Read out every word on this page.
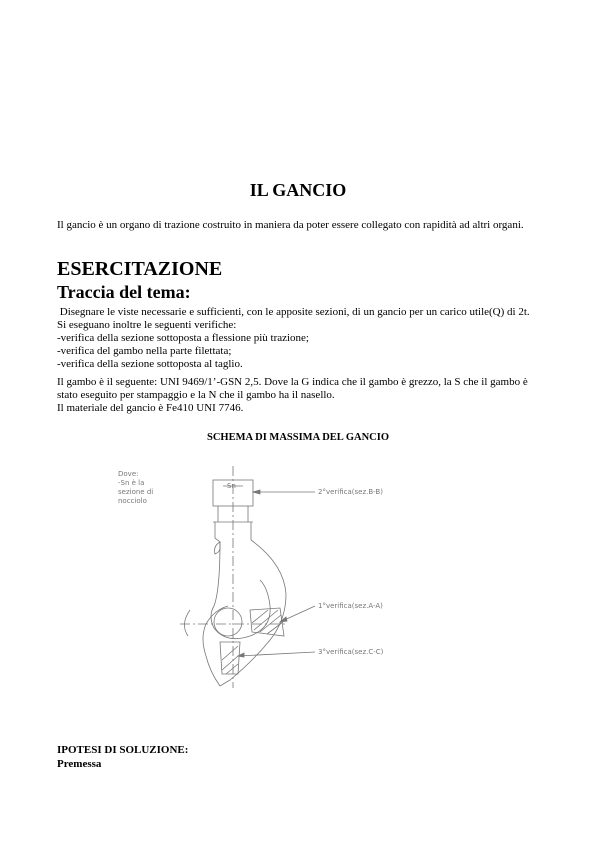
IL GANCIO

Il gancio è un organo di trazione costruito in maniera da poter essere collegato con rapidità ad altri organi.

ESERCITAZIONE
Traccia del tema:

Disegnare le viste necessarie e sufficienti, con le apposite sezioni, di un gancio per un carico utile(Q) di 2t. Si eseguano inoltre le seguenti verifiche:

-verifica della sezione sottoposta a flessione più trazione;

-verifica del gambo nella parte filettata;

-verifica della sezione sottoposta al taglio.

Il gambo è il seguente: UNI 9469/1’-GSN 2,5. Dove la G indica che il gambo è grezzo, la S che il gambo è stato eseguito per stampaggio e la N che il gambo ha il nasello.

Il materiale del gancio è Fe410 UNI 7746.

SCHEMA DI MASSIMA DEL GANCIO
Dove:
-Sn è la
sezione di
nocciolo
Sn
2°verifica(sez.B-B)
1°verifica(sez.A-A)
3°verifica(sez.C-C)
IPOTESI DI SOLUZIONE:
Premessa
